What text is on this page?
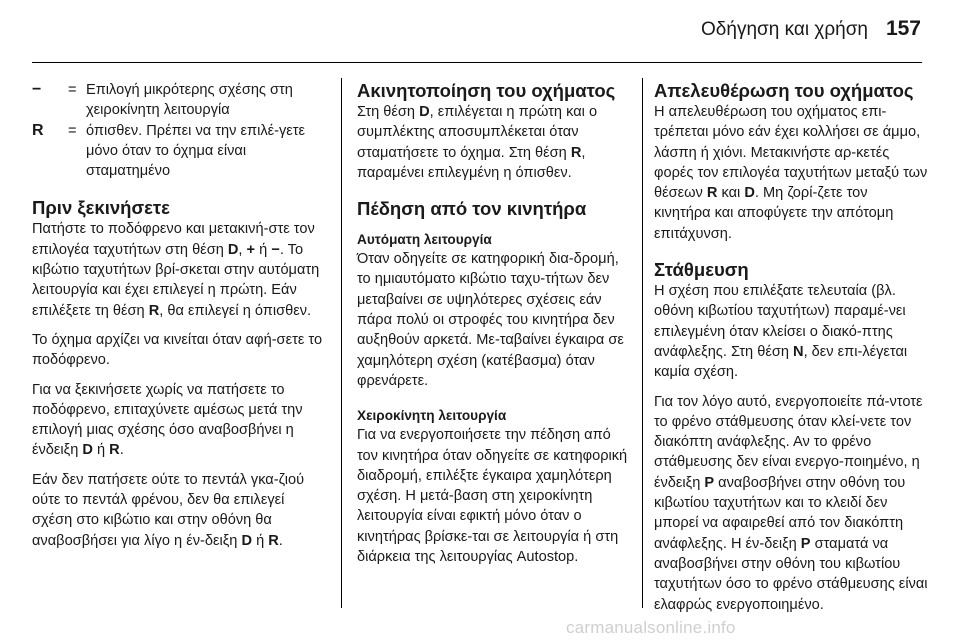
Οδήγηση και χρήση 157
−	= Επιλογή μικρότερης σχέσης στη χειροκίνητη λειτουργία
R	= όπισθεν. Πρέπει να την επιλέ-γετε μόνο όταν το όχημα είναι σταματημένο
Πριν ξεκινήσετε

Πατήστε το ποδόφρενο και μετακινή-στε τον επιλογέα ταχυτήτων στη θέση D, + ή −. Το κιβώτιο ταχυτήτων βρί-σκεται στην αυτόματη λειτουργία και έχει επιλεγεί η πρώτη. Εάν επιλέξετε τη θέση R, θα επιλεγεί η όπισθεν.

Το όχημα αρχίζει να κινείται όταν αφή-σετε το ποδόφρενο.

Για να ξεκινήσετε χωρίς να πατήσετε το ποδόφρενο, επιταχύνετε αμέσως μετά την επιλογή μιας σχέσης όσο αναβοσβήνει η ένδειξη D ή R.

Εάν δεν πατήσετε ούτε το πεντάλ γκα-ζιού ούτε το πεντάλ φρένου, δεν θα επιλεγεί σχέση στο κιβώτιο και στην οθόνη θα αναβοσβήσει για λίγο η έν-δειξη D ή R.

Ακινητοποίηση του οχήματος

Στη θέση D, επιλέγεται η πρώτη και ο συμπλέκτης αποσυμπλέκεται όταν σταματήσετε το όχημα. Στη θέση R, παραμένει επιλεγμένη η όπισθεν.

Πέδηση από τον κινητήρα
Αυτόματη λειτουργία

Όταν οδηγείτε σε κατηφορική δια-δρομή, το ημιαυτόματο κιβώτιο ταχυ-τήτων δεν μεταβαίνει σε υψηλότερες σχέσεις εάν πάρα πολύ οι στροφές του κινητήρα δεν αυξηθούν αρκετά. Με-ταβαίνει έγκαιρα σε χαμηλότερη σχέση (κατέβασμα) όταν φρενάρετε.

Χειροκίνητη λειτουργία

Για να ενεργοποιήσετε την πέδηση από τον κινητήρα όταν οδηγείτε σε κατηφορική διαδρομή, επιλέξτε έγκαιρα χαμηλότερη σχέση. Η μετά-βαση στη χειροκίνητη λειτουργία είναι εφικτή μόνο όταν ο κινητήρας βρίσκε-ται σε λειτουργία ή στη διάρκεια της λειτουργίας Autostop.

Απελευθέρωση του οχήματος

Η απελευθέρωση του οχήματος επι-τρέπεται μόνο εάν έχει κολλήσει σε άμμο, λάσπη ή χιόνι. Μετακινήστε αρ-κετές φορές τον επιλογέα ταχυτήτων μεταξύ των θέσεων R και D. Μη ζορί-ζετε τον κινητήρα και αποφύγετε την απότομη επιτάχυνση.

Στάθμευση

Η σχέση που επιλέξατε τελευταία (βλ. οθόνη κιβωτίου ταχυτήτων) παραμέ-νει επιλεγμένη όταν κλείσει ο διακό-πτης ανάφλεξης. Στη θέση N, δεν επι-λέγεται καμία σχέση.

Για τον λόγο αυτό, ενεργοποιείτε πά-ντοτε το φρένο στάθμευσης όταν κλεί-νετε τον διακόπτη ανάφλεξης. Αν το φρένο στάθμευσης δεν είναι ενεργο-ποιημένο, η ένδειξη P αναβοσβήνει στην οθόνη του κιβωτίου ταχυτήτων και το κλειδί δεν μπορεί να αφαιρεθεί από τον διακόπτη ανάφλεξης. Η έν-δειξη P σταματά να αναβοσβήνει στην οθόνη του κιβωτίου ταχυτήτων όσο το φρένο στάθμευσης είναι ελαφρώς ενεργοποιημένο.

carmanualsonline.info
